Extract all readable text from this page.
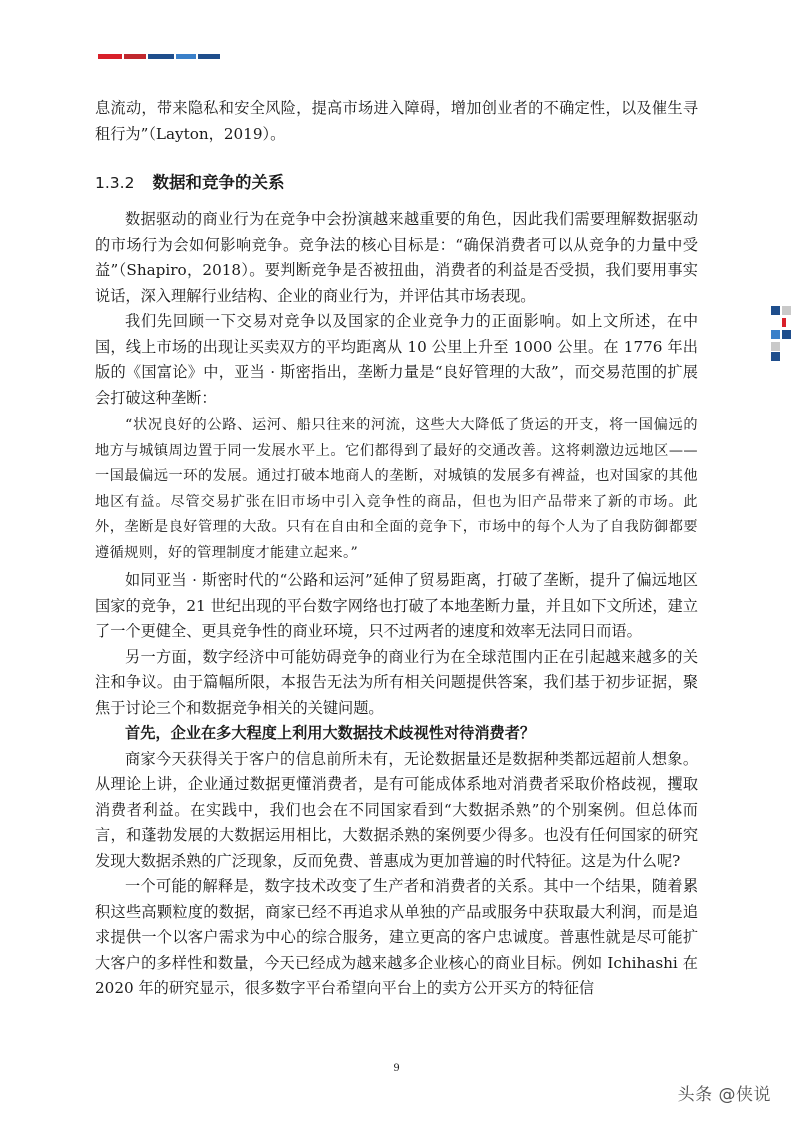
息流动，带来隐私和安全风险，提高市场进入障碍，增加创业者的不确定性，以及催生寻租行为”（Layton，2019）。

1.3.2 数据和竞争的关系

数据驱动的商业行为在竞争中会扮演越来越重要的角色，因此我们需要理解数据驱动的市场行为会如何影响竞争。竞争法的核心目标是：“确保消费者可以从竞争的力量中受益”（Shapiro，2018）。要判断竞争是否被扭曲，消费者的利益是否受损，我们要用事实说话，深入理解行业结构、企业的商业行为，并评估其市场表现。

我们先回顾一下交易对竞争以及国家的企业竞争力的正面影响。如上文所述，在中国，线上市场的出现让买卖双方的平均距离从 10 公里上升至 1000 公里。在 1776 年出版的《国富论》中，亚当 · 斯密指出，垄断力量是“良好管理的大敌”，而交易范围的扩展会打破这种垄断：

“状况良好的公路、运河、船只往来的河流，这些大大降低了货运的开支，将一国偏远的地方与城镇周边置于同一发展水平上。它们都得到了最好的交通改善。这将刺激边远地区——一国最偏远一环的发展。通过打破本地商人的垄断，对城镇的发展多有裨益，也对国家的其他地区有益。尽管交易扩张在旧市场中引入竞争性的商品，但也为旧产品带来了新的市场。此外，垄断是良好管理的大敌。只有在自由和全面的竞争下，市场中的每个人为了自我防御都要遵循规则，好的管理制度才能建立起来。”

如同亚当 · 斯密时代的“公路和运河”延伸了贸易距离，打破了垄断，提升了偏远地区国家的竞争，21 世纪出现的平台数字网络也打破了本地垄断力量，并且如下文所述，建立了一个更健全、更具竞争性的商业环境，只不过两者的速度和效率无法同日而语。

另一方面，数字经济中可能妨碍竞争的商业行为在全球范围内正在引起越来越多的关注和争议。由于篇幅所限，本报告无法为所有相关问题提供答案，我们基于初步证据，聚焦于讨论三个和数据竞争相关的关键问题。

首先，企业在多大程度上利用大数据技术歧视性对待消费者？

商家今天获得关于客户的信息前所未有，无论数据量还是数据种类都远超前人想象。从理论上讲，企业通过数据更懂消费者，是有可能成体系地对消费者采取价格歧视，攫取消费者利益。在实践中，我们也会在不同国家看到“大数据杀熟”的个别案例。但总体而言，和蓬勃发展的大数据运用相比，大数据杀熟的案例要少得多。也没有任何国家的研究发现大数据杀熟的广泛现象，反而免费、普惠成为更加普遍的时代特征。这是为什么呢?

一个可能的解释是，数字技术改变了生产者和消费者的关系。其中一个结果，随着累积这些高颗粒度的数据，商家已经不再追求从单独的产品或服务中获取最大利润，而是追求提供一个以客户需求为中心的综合服务，建立更高的客户忠诚度。普惠性就是尽可能扩大客户的多样性和数量，今天已经成为越来越多企业核心的商业目标。例如 Ichihashi 在 2020 年的研究显示，很多数字平台希望向平台上的卖方公开买方的特征信

9
头条 @侠说
